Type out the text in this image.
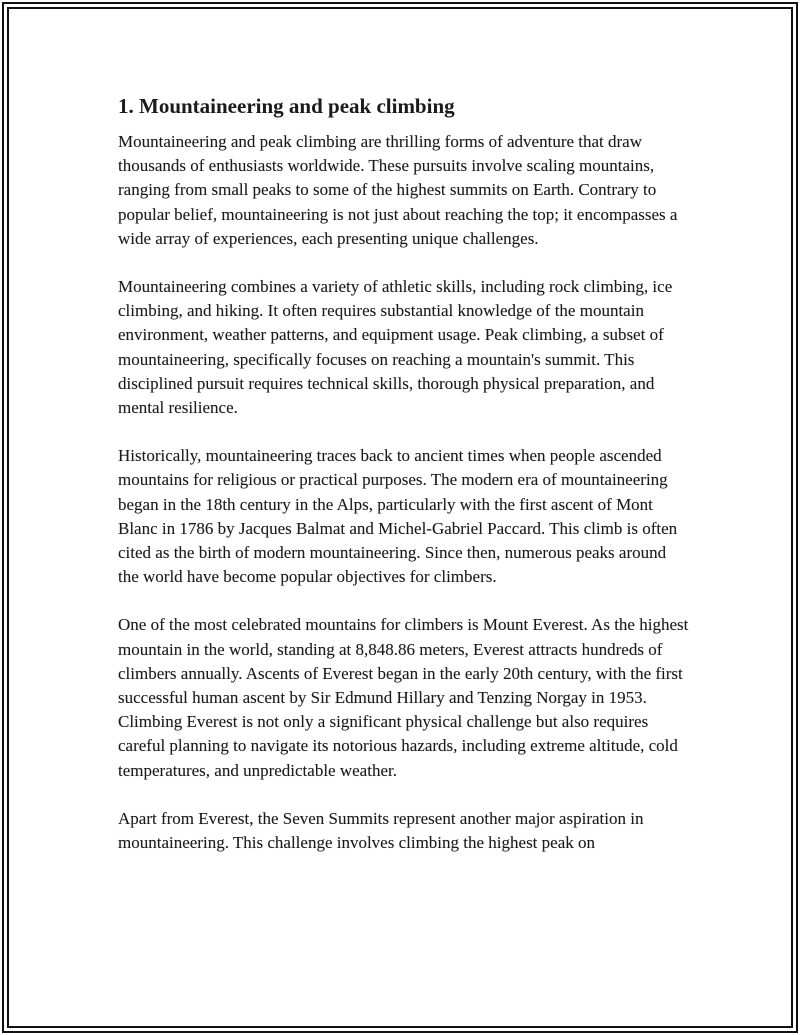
1. Mountaineering and peak climbing

Mountaineering and peak climbing are thrilling forms of adventure that draw thousands of enthusiasts worldwide. These pursuits involve scaling mountains, ranging from small peaks to some of the highest summits on Earth. Contrary to popular belief, mountaineering is not just about reaching the top; it encompasses a wide array of experiences, each presenting unique challenges.

Mountaineering combines a variety of athletic skills, including rock climbing, ice climbing, and hiking. It often requires substantial knowledge of the mountain environment, weather patterns, and equipment usage. Peak climbing, a subset of mountaineering, specifically focuses on reaching a mountain's summit. This disciplined pursuit requires technical skills, thorough physical preparation, and mental resilience.

Historically, mountaineering traces back to ancient times when people ascended mountains for religious or practical purposes. The modern era of mountaineering began in the 18th century in the Alps, particularly with the first ascent of Mont Blanc in 1786 by Jacques Balmat and Michel-Gabriel Paccard. This climb is often cited as the birth of modern mountaineering. Since then, numerous peaks around the world have become popular objectives for climbers.

One of the most celebrated mountains for climbers is Mount Everest. As the highest mountain in the world, standing at 8,848.86 meters, Everest attracts hundreds of climbers annually. Ascents of Everest began in the early 20th century, with the first successful human ascent by Sir Edmund Hillary and Tenzing Norgay in 1953. Climbing Everest is not only a significant physical challenge but also requires careful planning to navigate its notorious hazards, including extreme altitude, cold temperatures, and unpredictable weather.

Apart from Everest, the Seven Summits represent another major aspiration in mountaineering. This challenge involves climbing the highest peak on
